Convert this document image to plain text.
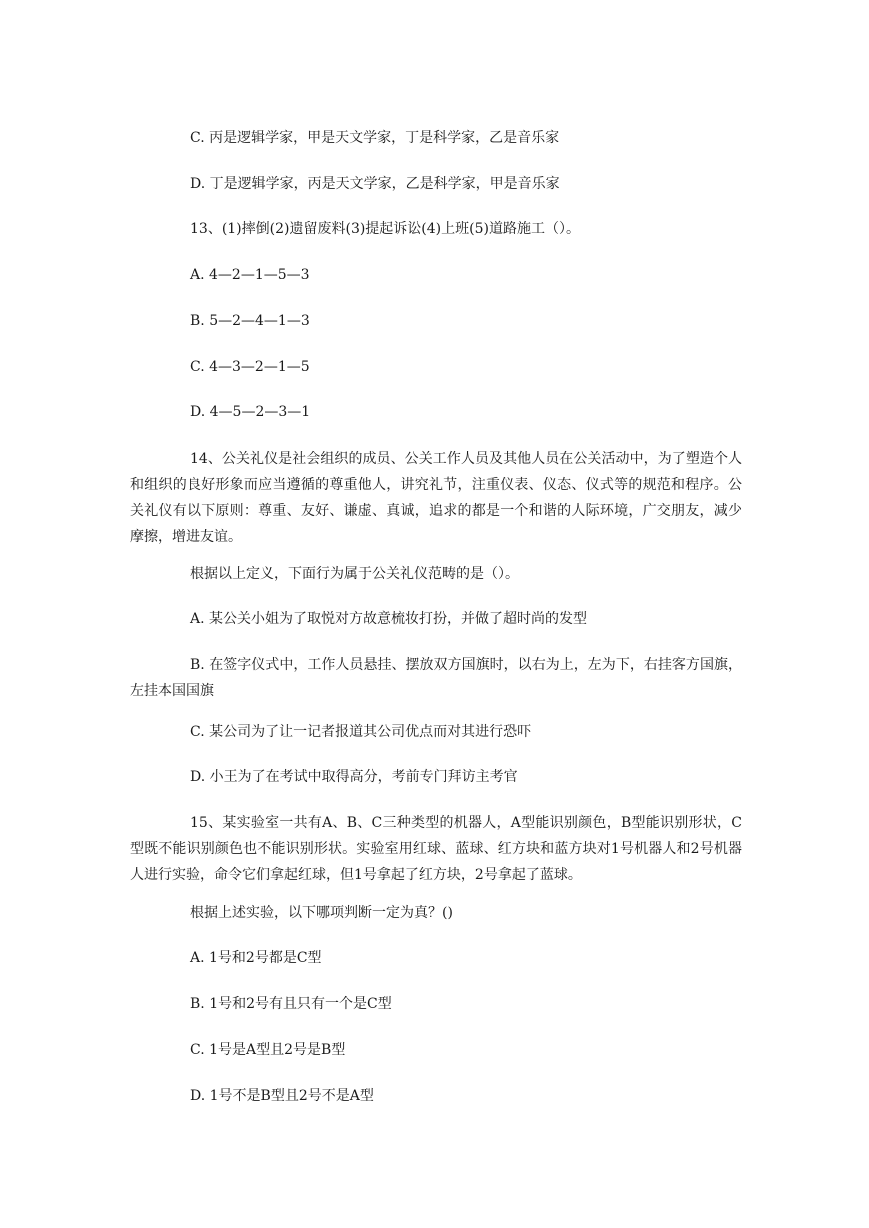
C. 丙是逻辑学家，甲是天文学家，丁是科学家，乙是音乐家
D. 丁是逻辑学家，丙是天文学家，乙是科学家，甲是音乐家
13、(1)摔倒(2)遗留废料(3)提起诉讼(4)上班(5)道路施工（）。
A. 4—2—1—5—3
B. 5—2—4—1—3
C. 4—3—2—1—5
D. 4—5—2—3—1
14、公关礼仪是社会组织的成员、公关工作人员及其他人员在公关活动中，为了塑造个人和组织的良好形象而应当遵循的尊重他人，讲究礼节，注重仪表、仪态、仪式等的规范和程序。公关礼仪有以下原则：尊重、友好、谦虚、真诚，追求的都是一个和谐的人际环境，广交朋友，减少摩擦，增进友谊。
根据以上定义，下面行为属于公关礼仪范畴的是（）。
A. 某公关小姐为了取悦对方故意梳妆打扮，并做了超时尚的发型
B. 在签字仪式中，工作人员悬挂、摆放双方国旗时，以右为上，左为下，右挂客方国旗，左挂本国国旗
C. 某公司为了让一记者报道其公司优点而对其进行恐吓
D. 小王为了在考试中取得高分，考前专门拜访主考官
15、某实验室一共有A、B、C三种类型的机器人，A型能识别颜色，B型能识别形状，C型既不能识别颜色也不能识别形状。实验室用红球、蓝球、红方块和蓝方块对1号机器人和2号机器人进行实验，命令它们拿起红球，但1号拿起了红方块，2号拿起了蓝球。
根据上述实验，以下哪项判断一定为真？()
A. 1号和2号都是C型
B. 1号和2号有且只有一个是C型
C. 1号是A型且2号是B型
D. 1号不是B型且2号不是A型
